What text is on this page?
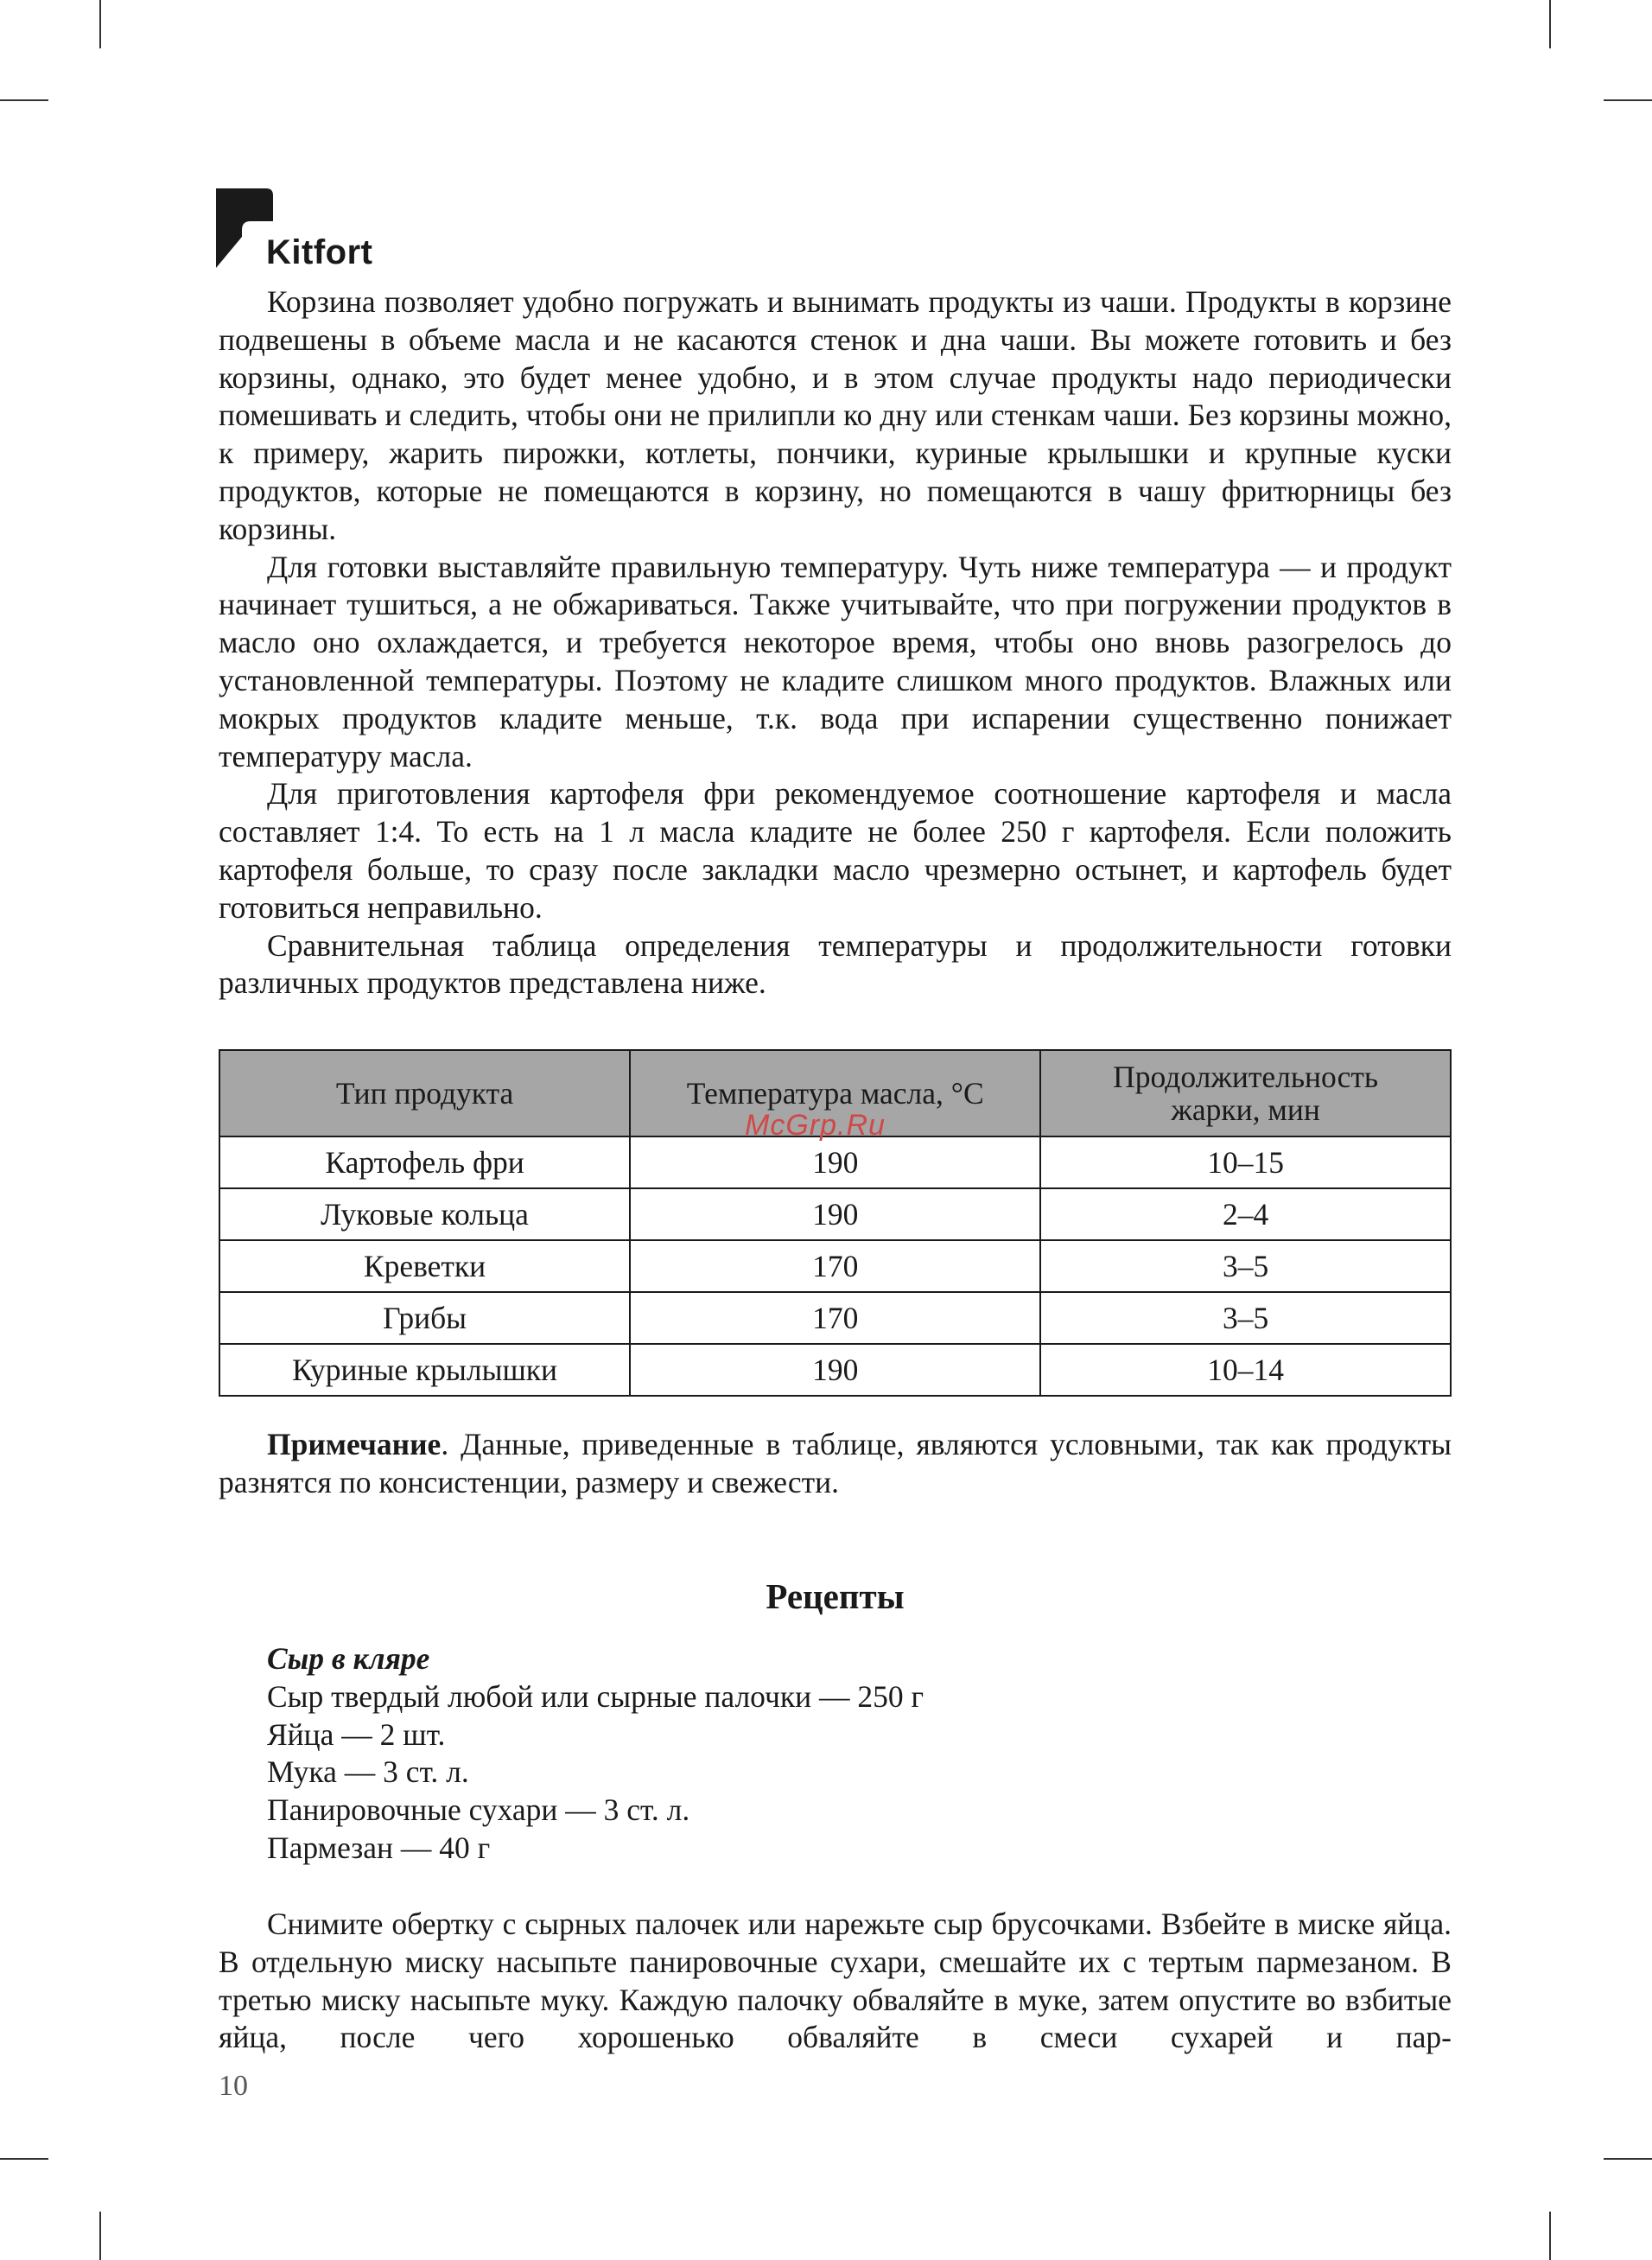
Kitfort

Корзина позволяет удобно погружать и вынимать продукты из чаши. Продукты в корзине подвешены в объеме масла и не касаются стенок и дна чаши. Вы можете готовить и без корзины, однако, это будет менее удобно, и в этом случае продукты надо периодически помешивать и следить, чтобы они не прилипли ко дну или стенкам чаши. Без корзины можно, к примеру, жарить пирожки, котлеты, пончики, куриные крылышки и крупные куски продуктов, которые не помещаются в корзину, но помещаются в чашу фритюрницы без корзины.

Для готовки выставляйте правильную температуру. Чуть ниже температура — и продукт начинает тушиться, а не обжариваться. Также учитывайте, что при погружении продуктов в масло оно охлаждается, и требуется некоторое время, чтобы оно вновь разогрелось до установленной температуры. Поэтому не кладите слишком много продуктов. Влажных или мокрых продуктов кладите меньше, т.к. вода при испарении существенно понижает температуру масла.

Для приготовления картофеля фри рекомендуемое соотношение картофеля и масла составляет 1:4. То есть на 1 л масла кладите не более 250 г картофеля. Если положить картофеля больше, то сразу после закладки масло чрезмерно остынет, и картофель будет готовиться неправильно.

Сравнительная таблица определения температуры и продолжительности готовки различных продуктов представлена ниже.

Тип продукта	Температура масла, °C	Продолжительность жарки, мин
Картофель фри	190	10–15
Луковые кольца	190	2–4
Креветки	170	3–5
Грибы	170	3–5
Куриные крылышки	190	10–14
McGrp.Ru

Примечание. Данные, приведенные в таблице, являются условными, так как продукты разнятся по консистенции, размеру и свежести.

Рецепты

Сыр в кляре

Сыр твердый любой или сырные палочки — 250 г

Яйца — 2 шт.

Мука — 3 ст. л.

Панировочные сухари — 3 ст. л.

Пармезан — 40 г

Снимите обертку с сырных палочек или нарежьте сыр брусочками. Взбейте в миске яйца. В отдельную миску насыпьте панировочные сухари, смешайте их с тертым пармезаном. В третью миску насыпьте муку. Каждую палочку обваляйте в муке, затем опустите во взбитые яйца, после чего хорошенько обваляйте в смеси сухарей и пар-

10
